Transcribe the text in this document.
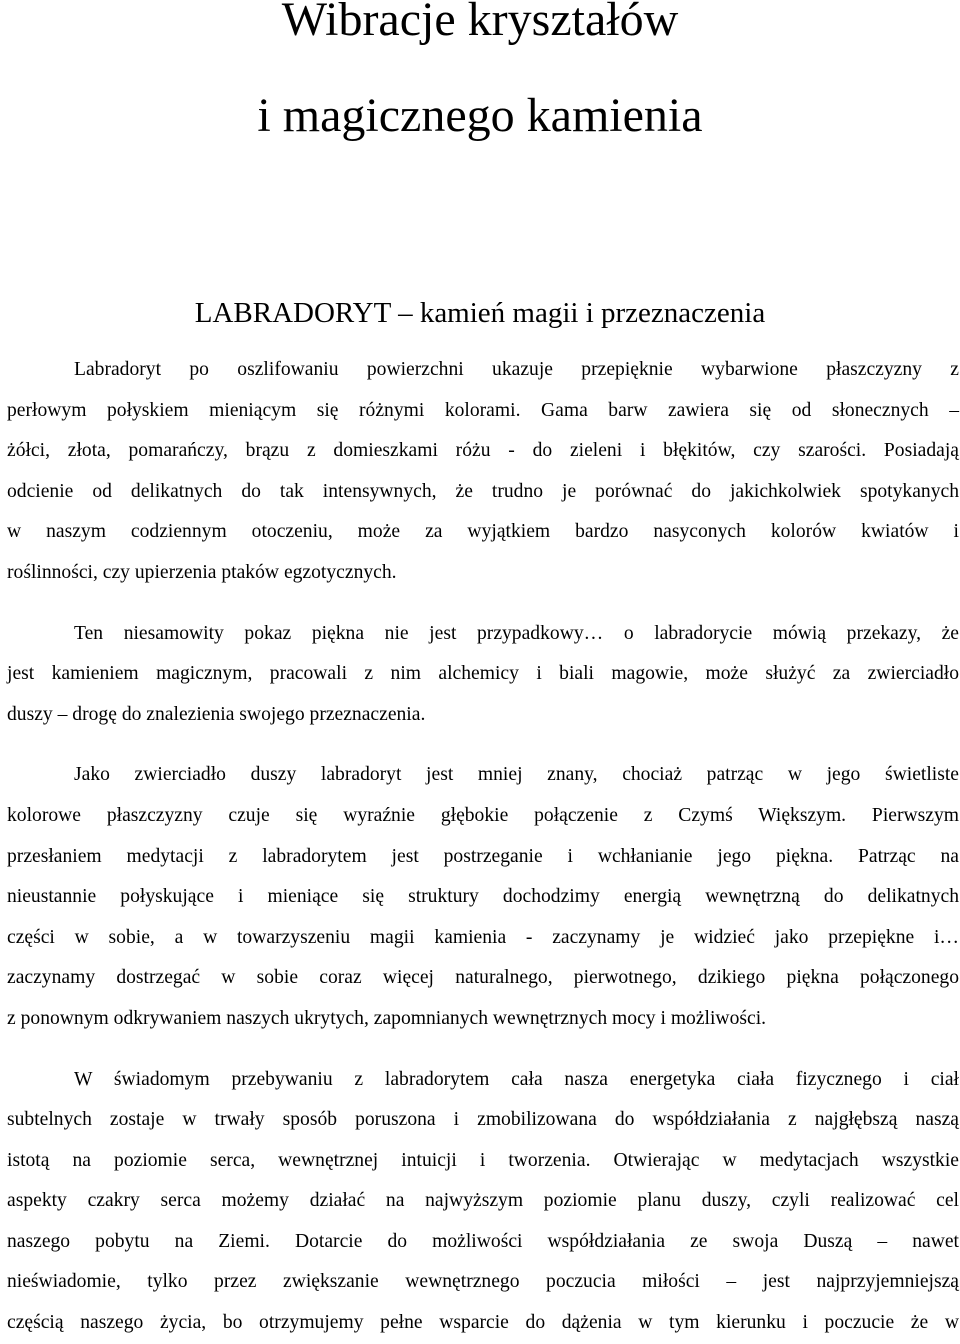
Wibracje kryształów
i magicznego kamienia
LABRADORYT – kamień magii i przeznaczenia
Labradoryt po oszlifowaniu powierzchni ukazuje przepięknie wybarwione płaszczyzny z
perłowym połyskiem mieniącym się różnymi kolorami. Gama barw zawiera się od słonecznych –
żółci, złota, pomarańczy, brązu z domieszkami różu - do zieleni i błękitów, czy szarości. Posiadają
odcienie od delikatnych do tak intensywnych, że trudno je porównać do jakichkolwiek spotykanych
w naszym codziennym otoczeniu, może za wyjątkiem bardzo nasyconych kolorów kwiatów i
roślinności, czy upierzenia ptaków egzotycznych.
Ten niesamowity pokaz piękna nie jest przypadkowy… o labradorycie mówią przekazy, że
jest kamieniem magicznym, pracowali z nim alchemicy i biali magowie, może służyć za zwierciadło
duszy – drogę do znalezienia swojego przeznaczenia.
Jako zwierciadło duszy labradoryt jest mniej znany, chociaż patrząc w jego świetliste
kolorowe płaszczyzny czuje się wyraźnie głębokie połączenie z Czymś Większym. Pierwszym
przesłaniem medytacji z labradorytem jest postrzeganie i wchłanianie jego piękna. Patrząc na
nieustannie połyskujące i mieniące się struktury dochodzimy energią wewnętrzną do delikatnych
części w sobie, a w towarzyszeniu magii kamienia - zaczynamy je widzieć jako przepiękne i…
zaczynamy dostrzegać w sobie coraz więcej naturalnego, pierwotnego, dzikiego piękna połączonego
z ponownym odkrywaniem naszych ukrytych, zapomnianych wewnętrznych mocy i możliwości.
W świadomym przebywaniu z labradorytem cała nasza energetyka ciała fizycznego i ciał
subtelnych zostaje w trwały sposób poruszona i zmobilizowana do współdziałania z najgłębszą naszą
istotą na poziomie serca, wewnętrznej intuicji i tworzenia. Otwierając w medytacjach wszystkie
aspekty czakry serca możemy działać na najwyższym poziomie planu duszy, czyli realizować cel
naszego pobytu na Ziemi. Dotarcie do możliwości współdziałania ze swoja Duszą – nawet
nieświadomie, tylko przez zwiększanie wewnętrznego poczucia miłości – jest najprzyjemniejszą
częścią naszego życia, bo otrzymujemy pełne wsparcie do dążenia w tym kierunku i poczucie że w
